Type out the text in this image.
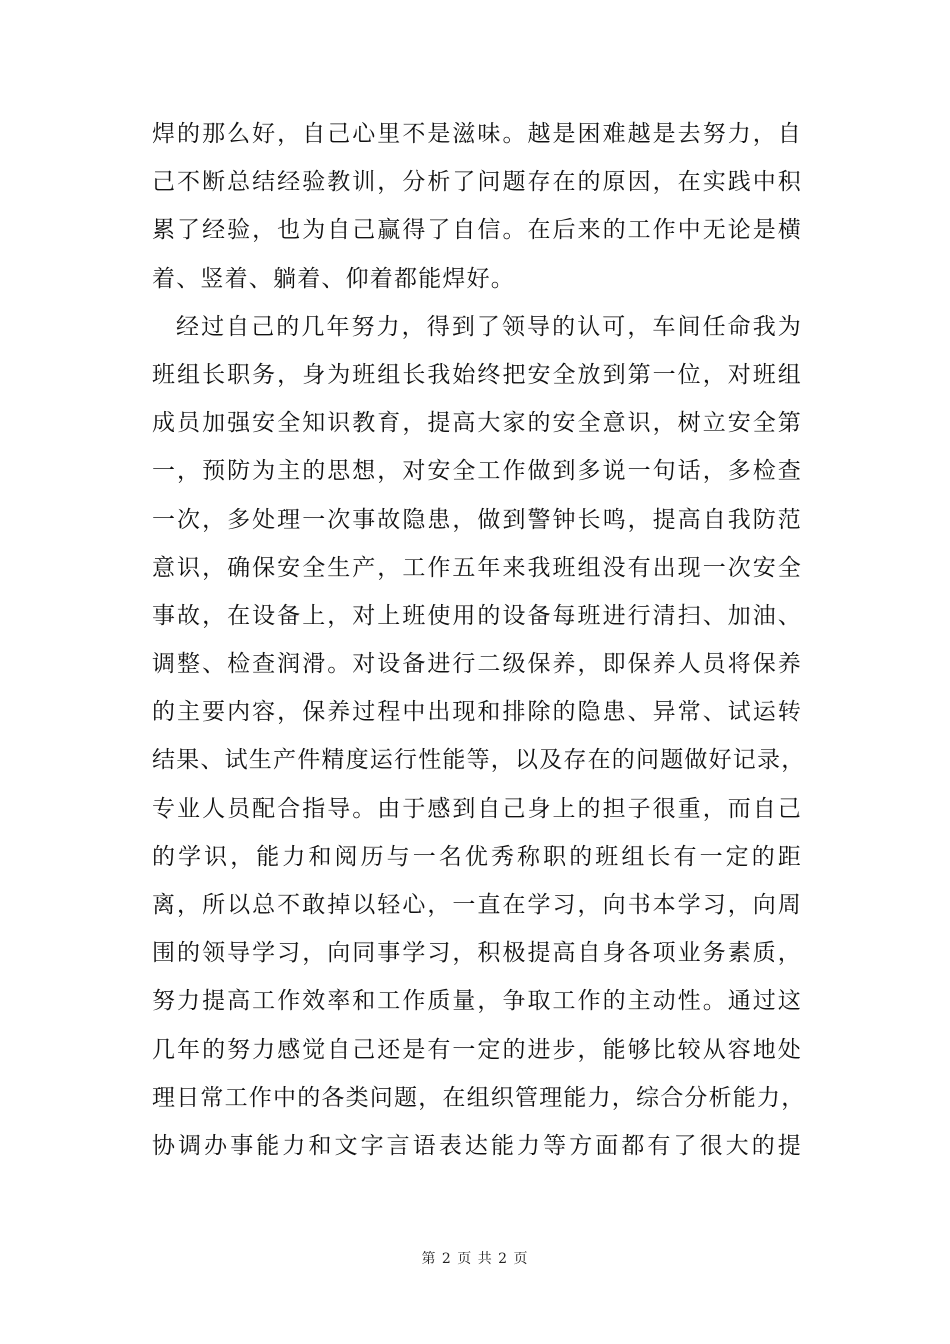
焊的那么好，自己心里不是滋味。越是困难越是去努力，自
己不断总结经验教训，分析了问题存在的原因，在实践中积
累了经验，也为自己赢得了自信。在后来的工作中无论是横
着、竖着、躺着、仰着都能焊好。
经过自己的几年努力，得到了领导的认可，车间任命我为
班组长职务，身为班组长我始终把安全放到第一位，对班组
成员加强安全知识教育，提高大家的安全意识，树立安全第
一，预防为主的思想，对安全工作做到多说一句话，多检查
一次，多处理一次事故隐患，做到警钟长鸣，提高自我防范
意识，确保安全生产，工作五年来我班组没有出现一次安全
事故，在设备上，对上班使用的设备每班进行清扫、加油、
调整、检查润滑。对设备进行二级保养，即保养人员将保养
的主要内容，保养过程中出现和排除的隐患、异常、试运转
结果、试生产件精度运行性能等，以及存在的问题做好记录，
专业人员配合指导。由于感到自己身上的担子很重，而自己
的学识，能力和阅历与一名优秀称职的班组长有一定的距
离，所以总不敢掉以轻心，一直在学习，向书本学习，向周
围的领导学习，向同事学习，积极提高自身各项业务素质，
努力提高工作效率和工作质量，争取工作的主动性。通过这
几年的努力感觉自己还是有一定的进步，能够比较从容地处
理日常工作中的各类问题，在组织管理能力，综合分析能力，
协调办事能力和文字言语表达能力等方面都有了很大的提
第 2 页 共 2 页
